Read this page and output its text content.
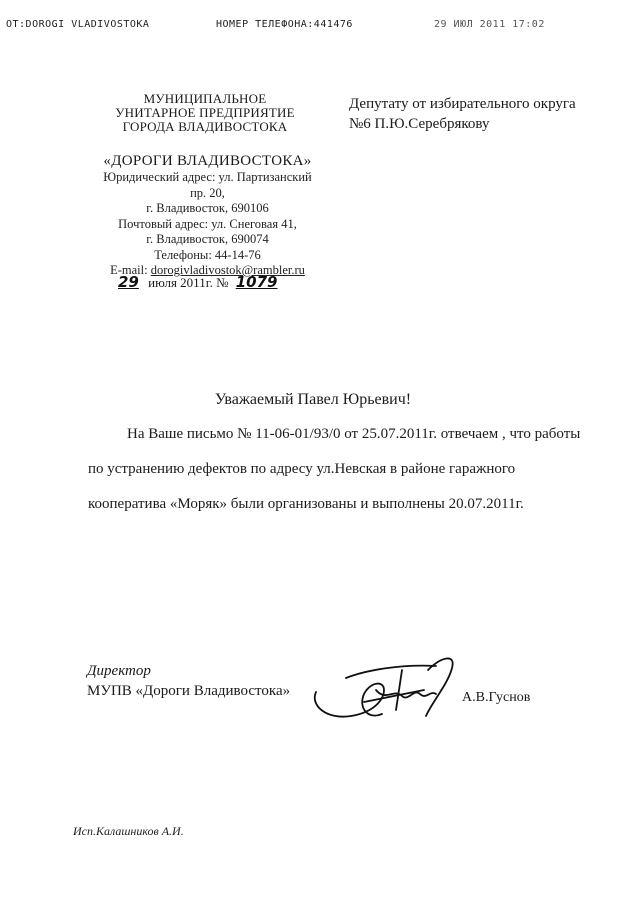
OT:DOROGI VLADIVOSTOKA	НОМЕР ТЕЛЕФОНА:441476	29 ИЮЛ 2011 17:02
МУНИЦИПАЛЬНОЕ
УНИТАРНОЕ ПРЕДПРИЯТИЕ
ГОРОДА ВЛАДИВОСТОКА
«ДОРОГИ ВЛАДИВОСТОКА»
Юридический адрес: ул. Партизанский
пр. 20,
г. Владивосток, 690106
Почтовый адрес: ул. Снеговая 41,
г. Владивосток, 690074
Телефоны: 44-14-76
E-mail: dorogivladivostok@rambler.ru
29 июля 2011г. № 1079
Депутату от избирательного округа
№6 П.Ю.Серебрякову
Уважаемый Павел Юрьевич!
На Ваше письмо № 11-06-01/93/0 от 25.07.2011г. отвечаем , что работы
по устранению дефектов по адресу ул.Невская в районе гаражного
кооператива «Моряк» были организованы и выполнены 20.07.2011г.
Директор
МУПВ «Дороги Владивостока»	А.В.Гуснов
Исп.Калашников А.И.
